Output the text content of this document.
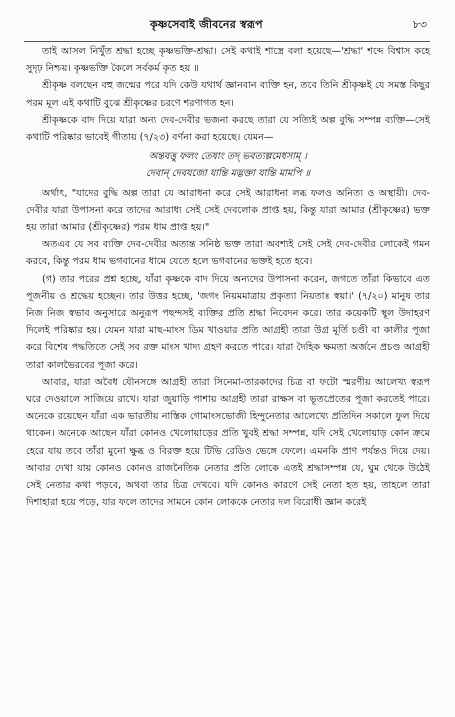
কৃষ্ণসেবাই জীবনের স্বরূপ	৮৩

তাই আসল নিখুঁত শ্রদ্ধা হচ্ছে কৃষ্ণভক্তি-শ্রদ্ধা। সেই কথাই শাস্ত্রে বলা হয়েছে—'শ্রদ্ধা' শব্দে বিশ্বাস কহে সুদৃঢ় নিশ্চয়। কৃষ্ণভক্তি কৈলে সর্বকর্ম কৃত হয় ॥

শ্রীকৃষ্ণ বলছেন বহু জন্মের পরে যদি কেউ যথার্থ জ্ঞানবান ব্যক্তি হন, তবে তিনি শ্রীকৃষ্ণই যে সমস্ত কিছুর পরম মূল এই কথাটি বুঝে শ্রীকৃষ্ণের চরণে শরণাগত হন।

শ্রীকৃষ্ণকে বাদ দিয়ে যারা অন্য দেব-দেবীর ভজনা করছে তারা যে সত্যিই অল্প বুদ্ধি সম্পন্ন ব্যক্তি—সেই কথাটি পরিষ্কার ভাবেই গীতায় (৭/২৩) বর্ণনা করা হয়েছে। যেমন—

অন্তবত্তু ফলং তেষাং তদ্ ভবত্যল্পমেধসাম্ ।
দেবান্ দেবযজো যান্তি মদ্ভক্তা যান্তি মামপি ॥

অর্থাৎ, "যাদের বুদ্ধি অল্প তারা যে আরাধনা করে সেই আরাধনা লব্ধ ফলও অনিত্য ও অস্থায়ী। দেব-দেবীর যারা উপাসনা করে তাদের আরাধ্য সেই সেই দেবলোক প্রাপ্ত হয়, কিন্তু যারা আমার (শ্রীকৃষ্ণের) ভক্ত হয় তারা আমার (শ্রীকৃষ্ণের) পরম ধাম প্রাপ্ত হয়।"

অতএব যে সব ব্যক্তি দেব-দেবীর অত্যন্ত সনিষ্ঠ ভক্ত তারা অবশ্যই সেই সেই দেব-দেবীর লোকেই গমন করবে, কিন্তু পরম ধাম ভগবানের ধামে যেতে হলে ভগবানের ভক্তই হতে হবে।

(গ) তার পরের প্রশ্ন হচ্ছে, যাঁরা কৃষ্ণকে বাদ দিয়ে অন্যদের উপাসনা করেন, জগতে তাঁরা কিভাবে এত পূজনীয় ও শ্রদ্ধেয় হচ্ছেন। তার উত্তর হচ্ছে, 'জগং নিয়মমাত্রায় প্রকৃত্যা নিয়তাঃ স্বয়া।' (৭/২০) মানুষ তার নিজ নিজ স্বভাব অনুসারে অনুরূপ পছন্দসই ব্যক্তির প্রতি শ্রদ্ধা নিবেদন করে। তার কয়েকটি স্থূল উদাহরণ দিলেই পরিষ্কার হয়। যেমন যারা মাছ-মাংস ডিম খাওয়ার প্রতি আগ্রহী তারা উগ্র মূর্তি চণ্ডী বা কালীর পূজা করে বিশেষ পদ্ধতিতে সেই সব রক্ত মাংস খাদ্য গ্রহণ করতে পারে। যারা দৈহিক ক্ষমতা অর্জনে প্রচণ্ড আগ্রহী তারা কালভৈরবের পূজা করে।

আবার, যারা অবৈধ যৌনসঙ্গে আগ্রহী তারা সিনেমা-তারকাদের চিত্র বা ফটো স্মরণীয় আলেখ্য স্বরূপ ঘরে দেওয়ালে সাজিয়ে রাখে। যারা জুয়াড়ি পাশায় আগ্রহী তারা রাক্ষস বা ভূতপ্রেতের পূজা করতেই পারে। অনেকে রয়েছেন যাঁরা এক ভারতীয় নাস্তিক গোমাংসভোজী হিন্দুনেতার আলেখ্যে প্রতিদিন সকালে ফুল দিয়ে থাকেন। অনেকে আছেন যাঁরা কোনও খেলোয়াড়ের প্রতি খুবই শ্রদ্ধা সম্পন্ন, যদি সেই খেলোয়াড় কোন ক্রমে হেরে যায় তবে তাঁরা মুনো ক্ষুব্ধ ও বিরক্ত হয়ে টিভি রেডিও ভেঙ্গে ফেলে। এমনকি প্রাণ পর্যন্তও দিয়ে দেয়। আবার দেখা যায় কোনও কোনও রাজনৈতিক নেতার প্রতি লোকে এতই শ্রদ্ধাসম্পন্ন যে, ঘুম থেকে উঠেই সেই নেতার কথা পড়বে, অথবা তার চিত্র দেখবে। যদি কোনও কারণে সেই নেতা হত হয়, তাহলে তারা দিশাহারা হয়ে পড়ে, যার ফলে তাদের সামনে কোন লোককে নেতার দল বিরোধী জ্ঞান করেই
